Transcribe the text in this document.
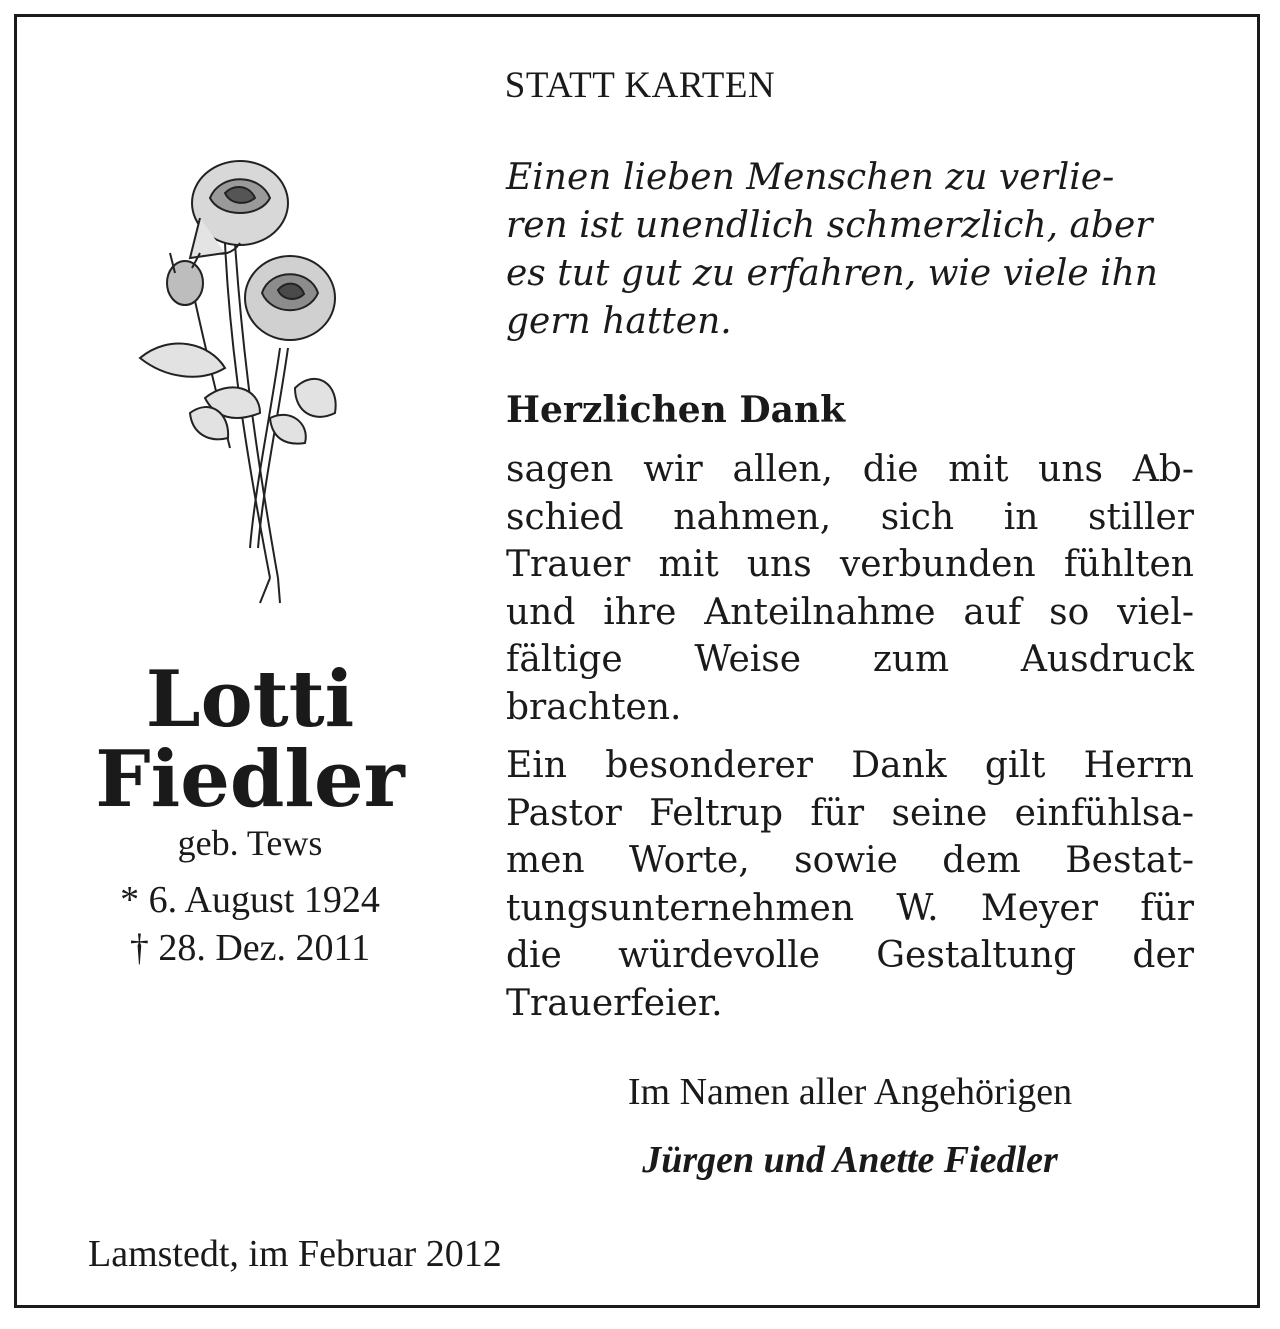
STATT KARTEN
Lotti
Fiedler
geb. Tews
* 6. August 1924
† 28. Dez. 2011
Einen lieben Menschen zu verlie-
ren ist unendlich schmerzlich, aber
es tut gut zu erfahren, wie viele ihn
gern hatten.
Herzlichen Dank
sagen wir allen, die mit uns Ab-
schied nahmen, sich in stiller
Trauer mit uns verbunden fühlten
und ihre Anteilnahme auf so viel-
fältige Weise zum Ausdruck
brachten.
Ein besonderer Dank gilt Herrn
Pastor Feltrup für seine einfühlsa-
men Worte, sowie dem Bestat-
tungsunternehmen W. Meyer für
die würdevolle Gestaltung der
Trauerfeier.
Im Namen aller Angehörigen
Jürgen und Anette Fiedler
Lamstedt, im Februar 2012
